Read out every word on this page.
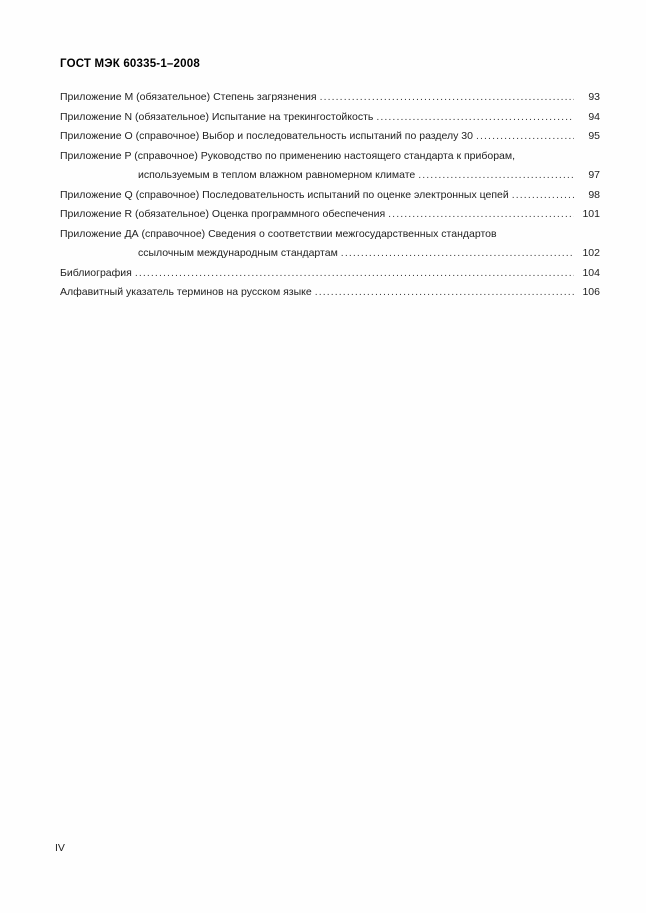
ГОСТ МЭК 60335-1–2008
Приложение M (обязательное) Степень загрязнения .....	93
Приложение N (обязательное) Испытание на трекингостойкость .....	94
Приложение O (справочное) Выбор и последовательность испытаний по разделу 30 .....	95
Приложение P (справочное) Руководство по применению настоящего стандарта к приборам,
используемым в теплом влажном равномерном климате .....	97
Приложение Q (справочное) Последовательность испытаний по оценке электронных цепей .....	98
Приложение R (обязательное) Оценка программного обеспечения .....	101
Приложение ДА (справочное) Сведения о соответствии межгосударственных стандартов
ссылочным международным стандартам .....	102
Библиография .....	104
Алфавитный указатель терминов на русском языке .....	106
IV
